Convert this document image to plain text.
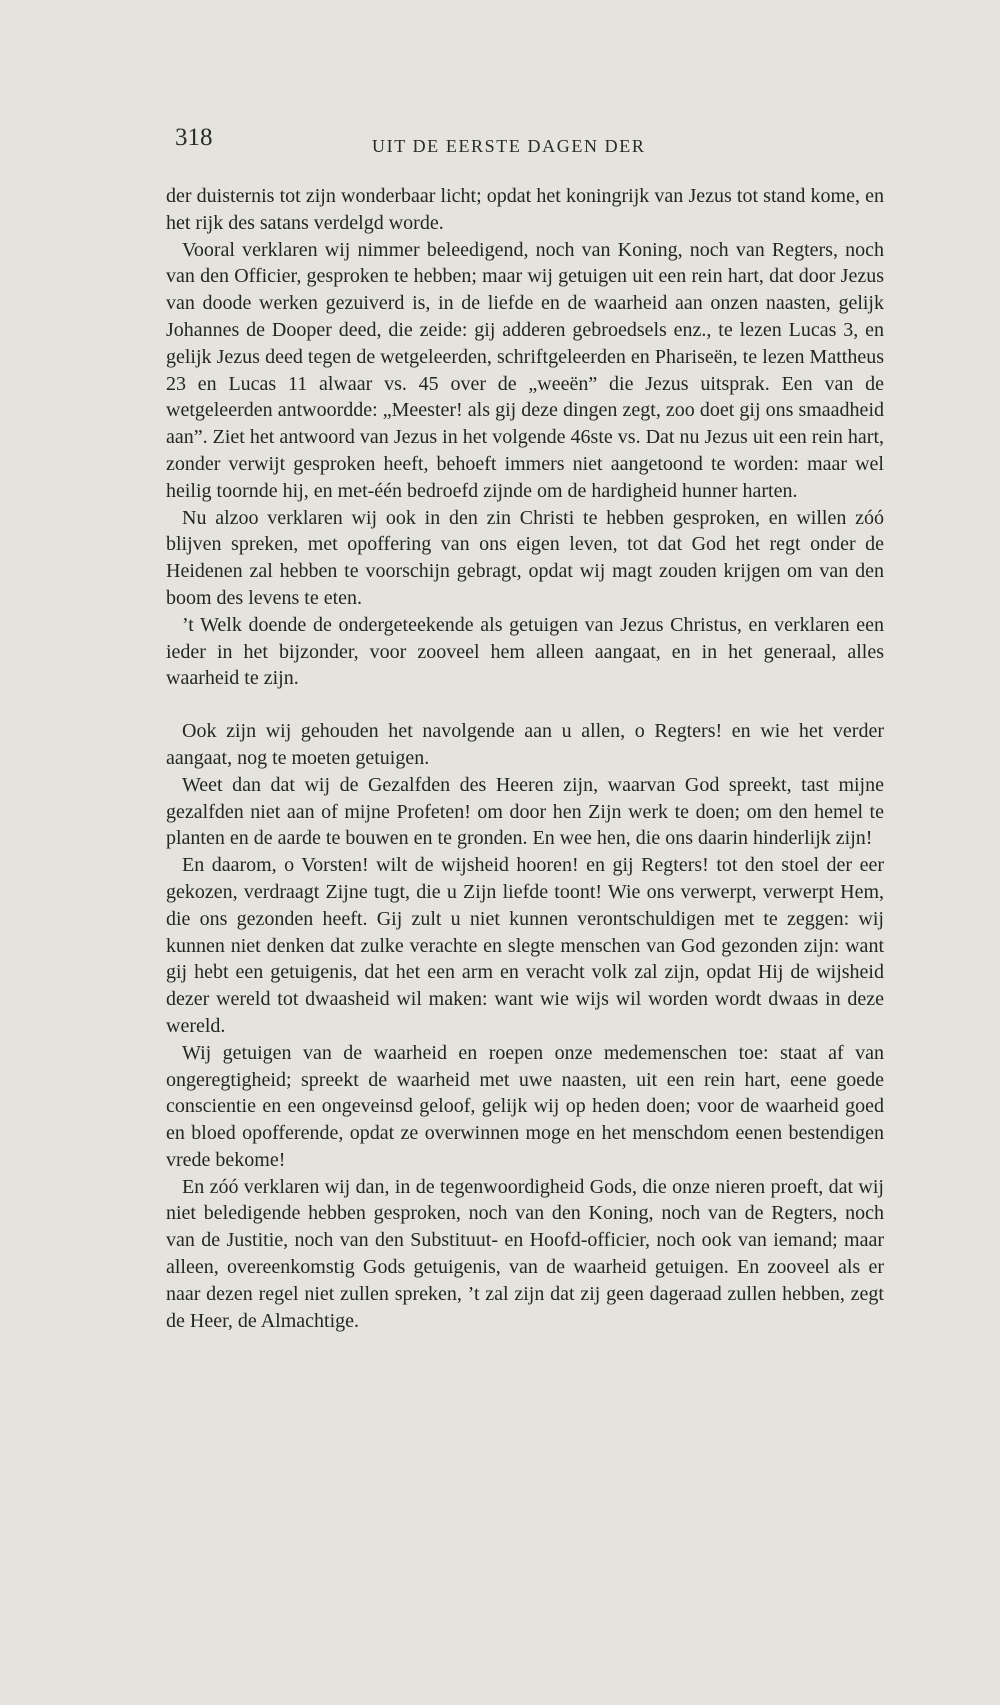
318	UIT DE EERSTE DAGEN DER

der duisternis tot zijn wonderbaar licht; opdat het koningrijk van Jezus tot stand kome, en het rijk des satans verdelgd worde.

Vooral verklaren wij nimmer beleedigend, noch van Koning, noch van Regters, noch van den Officier, gesproken te hebben; maar wij getuigen uit een rein hart, dat door Jezus van doode werken gezuiverd is, in de liefde en de waarheid aan onzen naasten, gelijk Johannes de Dooper deed, die zeide: gij adderen gebroedsels enz., te lezen Lucas 3, en gelijk Jezus deed tegen de wetgeleerden, schriftgeleerden en Phariseën, te lezen Mattheus 23 en Lucas 11 alwaar vs. 45 over de „weeën” die Jezus uitsprak. Een van de wetgeleerden antwoordde: „Meester! als gij deze dingen zegt, zoo doet gij ons smaadheid aan”. Ziet het antwoord van Jezus in het volgende 46ste vs. Dat nu Jezus uit een rein hart, zonder verwijt gesproken heeft, behoeft immers niet aangetoond te worden: maar wel heilig toornde hij, en met-één bedroefd zijnde om de hardigheid hunner harten.

Nu alzoo verklaren wij ook in den zin Christi te hebben gesproken, en willen zóó blijven spreken, met opoffering van ons eigen leven, tot dat God het regt onder de Heidenen zal hebben te voorschijn gebragt, opdat wij magt zouden krijgen om van den boom des levens te eten.

’t Welk doende de ondergeteekende als getuigen van Jezus Christus, en verklaren een ieder in het bijzonder, voor zooveel hem alleen aangaat, en in het generaal, alles waarheid te zijn.

Ook zijn wij gehouden het navolgende aan u allen, o Regters! en wie het verder aangaat, nog te moeten getuigen.

Weet dan dat wij de Gezalfden des Heeren zijn, waarvan God spreekt, tast mijne gezalfden niet aan of mijne Profeten! om door hen Zijn werk te doen; om den hemel te planten en de aarde te bouwen en te gronden. En wee hen, die ons daarin hinderlijk zijn!

En daarom, o Vorsten! wilt de wijsheid hooren! en gij Regters! tot den stoel der eer gekozen, verdraagt Zijne tugt, die u Zijn liefde toont! Wie ons verwerpt, verwerpt Hem, die ons gezonden heeft. Gij zult u niet kunnen verontschuldigen met te zeggen: wij kunnen niet denken dat zulke verachte en slegte menschen van God gezonden zijn: want gij hebt een getuigenis, dat het een arm en veracht volk zal zijn, opdat Hij de wijsheid dezer wereld tot dwaasheid wil maken: want wie wijs wil worden wordt dwaas in deze wereld.

Wij getuigen van de waarheid en roepen onze medemenschen toe: staat af van ongeregtigheid; spreekt de waarheid met uwe naasten, uit een rein hart, eene goede conscientie en een ongeveinsd geloof, gelijk wij op heden doen; voor de waarheid goed en bloed opofferende, opdat ze overwinnen moge en het menschdom eenen bestendigen vrede bekome!

En zóó verklaren wij dan, in de tegenwoordigheid Gods, die onze nieren proeft, dat wij niet beledigende hebben gesproken, noch van den Koning, noch van de Regters, noch van de Justitie, noch van den Substituut- en Hoofd-officier, noch ook van iemand; maar alleen, overeenkomstig Gods getuigenis, van de waarheid getuigen. En zooveel als er naar dezen regel niet zullen spreken, ’t zal zijn dat zij geen dageraad zullen hebben, zegt de Heer, de Almachtige.
